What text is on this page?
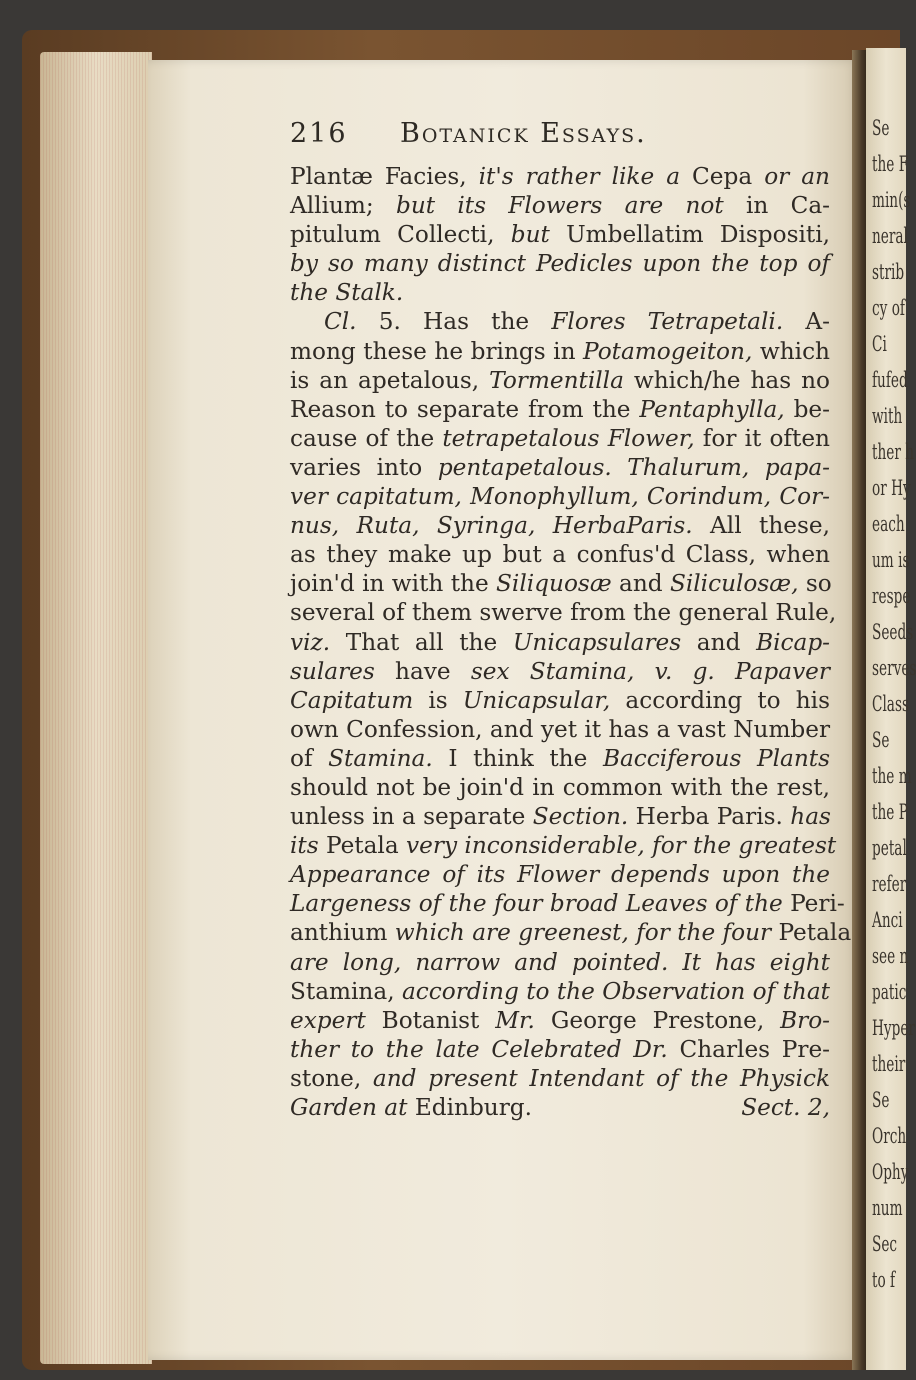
Se
the F
min(s
neral
strib
cy of
Ci
fufed
with
ther h
or Hy
each
um is
respe
Seeds
serves
Class
Se
the m
the P
petal
refer
Anci
see n
patic
Hyper
their
Se
Orch
Ophy
num
Sec
to f
216 Botanick Essays.
Plantæ Facies, it's rather like a Cepa or an
Allium; but its Flowers are not in Ca-
pitulum Collecti, but Umbellatim Dispositi,
by so many distinct Pedicles upon the top of
the Stalk.
Cl. 5. Has the Flores Tetrapetali. A-
mong these he brings in Potamogeiton, which
is an apetalous, Tormentilla which/he has no
Reason to separate from the Pentaphylla, be-
cause of the tetrapetalous Flower, for it often
varies into pentapetalous. Thalurum, papa-
ver capitatum, Monophyllum, Corindum, Cor-
nus, Ruta, Syringa, HerbaParis. All these,
as they make up but a confus'd Class, when
join'd in with the Siliquosæ and Siliculosæ, so
several of them swerve from the general Rule,
viz. That all the Unicapsulares and Bicap-
sulares have sex Stamina, v. g. Papaver
Capitatum is Unicapsular, according to his
own Confession, and yet it has a vast Number
of Stamina. I think the Bacciferous Plants
should not be join'd in common with the rest,
unless in a separate Section. Herba Paris. has
its Petala very inconsiderable, for the greatest
Appearance of its Flower depends upon the
Largeness of the four broad Leaves of the Peri-
anthium which are greenest, for the four Petala
are long, narrow and pointed. It has eight
Stamina, according to the Observation of that
expert Botanist Mr. George Prestone, Bro-
ther to the late Celebrated Dr. Charles Pre-
stone, and present Intendant of the Physick
Garden at Edinburg.	Sect. 2,
